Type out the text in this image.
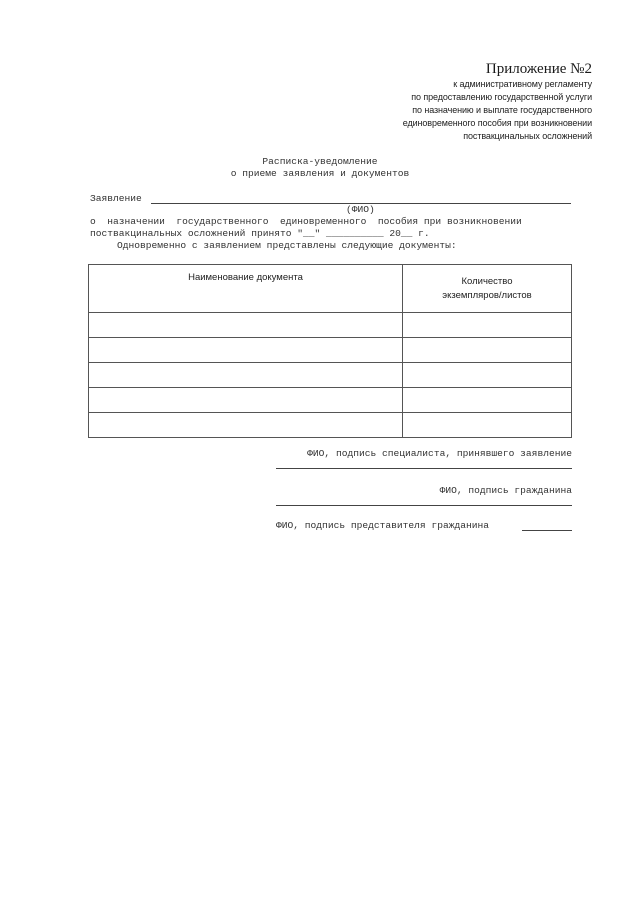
Приложение №2
к административному регламенту
по предоставлению государственной услуги
по назначению и выплате государственного
единовременного пособия при возникновении
поствакцинальных осложнений
Расписка-уведомление
о приеме заявления и документов
Заявление
(ФИО)
о  назначении  государственного  единовременного  пособия при возникновении
поствакцинальных осложнений принято "__" __________ 20__ г.
Одновременно с заявлением представлены следующие документы:
Наименование документа	Количество
экземпляров/листов

ФИО, подпись специалиста, принявшего заявление
ФИО, подпись гражданина
ФИО, подпись представителя гражданина
